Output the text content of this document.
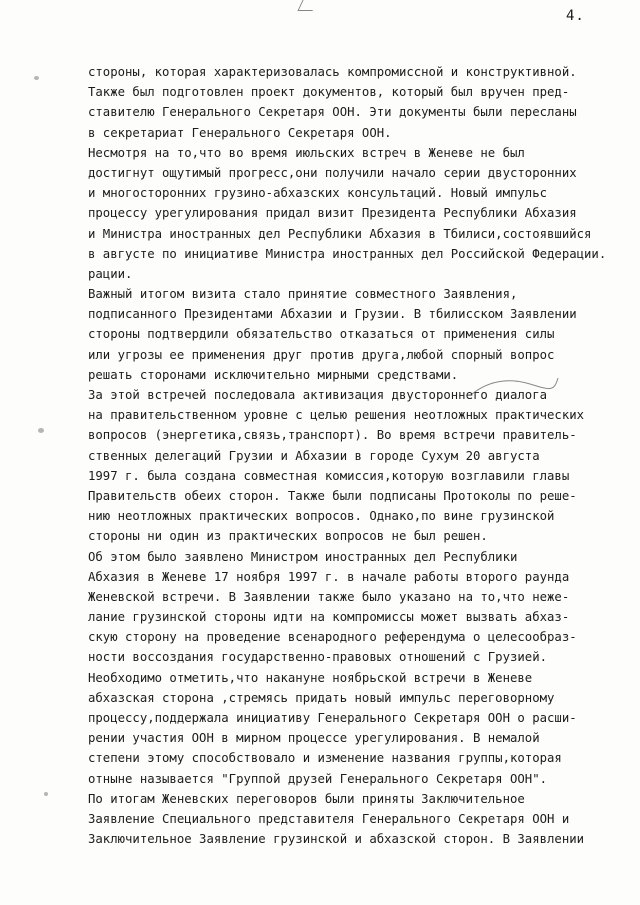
4.
стороны, которая характеризовалась компромиссной и конструктивной.
Также был подготовлен проект документов, который был вручен пред-
ставителю Генерального Секретаря ООН. Эти документы были пересланы
в секретариат Генерального Секретаря ООН.
Несмотря на то,что во время июльских встреч в Женеве не был
достигнут ощутимый прогресс,они получили начало серии двусторонних
и многосторонних грузино-абхазских консультаций. Новый импульс
процессу урегулирования придал визит Президента Республики Абхазия
и Министра иностранных дел Республики Абхазия в Тбилиси,состоявшийся
в августе по инициативе Министра иностранных дел Российской Федерации.
рации.
Важный итогом визита стало принятие совместного Заявления,
подписанного Президентами Абхазии и Грузии. В тбилисском Заявлении
стороны подтвердили обязательство отказаться от применения силы
или угрозы ее применения друг против друга,любой спорный вопрос
решать сторонами исключительно мирными средствами.
За этой встречей последовала активизация двустороннего диалога
на правительственном уровне с целью решения неотложных практических
вопросов (энергетика,связь,транспорт). Во время встречи правитель-
ственных делегаций Грузии и Абхазии в городе Сухум 20 августа
1997 г. была создана совместная комиссия,которую возглавили главы
Правительств обеих сторон. Также были подписаны Протоколы по реше-
нию неотложных практических вопросов. Однако,по вине грузинской
стороны ни один из практических вопросов не был решен.
Об этом было заявлено Министром иностранных дел Республики
Абхазия в Женеве 17 ноября 1997 г. в начале работы второго раунда
Женевской встречи. В Заявлении также было указано на то,что неже-
лание грузинской стороны идти на компромиссы может вызвать абхаз-
скую сторону на проведение всенародного референдума о целесообраз-
ности воссоздания государственно-правовых отношений с Грузией.
Необходимо отметить,что накануне ноябрьской встречи в Женеве
абхазская сторона ,стремясь придать новый импульс переговорному
процессу,поддержала инициативу Генерального Секретаря ООН о расши-
рении участия ООН в мирном процессе урегулирования. В немалой
степени этому способствовало и изменение названия группы,которая
отныне называется "Группой друзей Генерального Секретаря ООН".
По итогам Женевских переговоров были приняты Заключительное
Заявление Специального представителя Генерального Секретаря ООН и
Заключительное Заявление грузинской и абхазской сторон. В Заявлении
